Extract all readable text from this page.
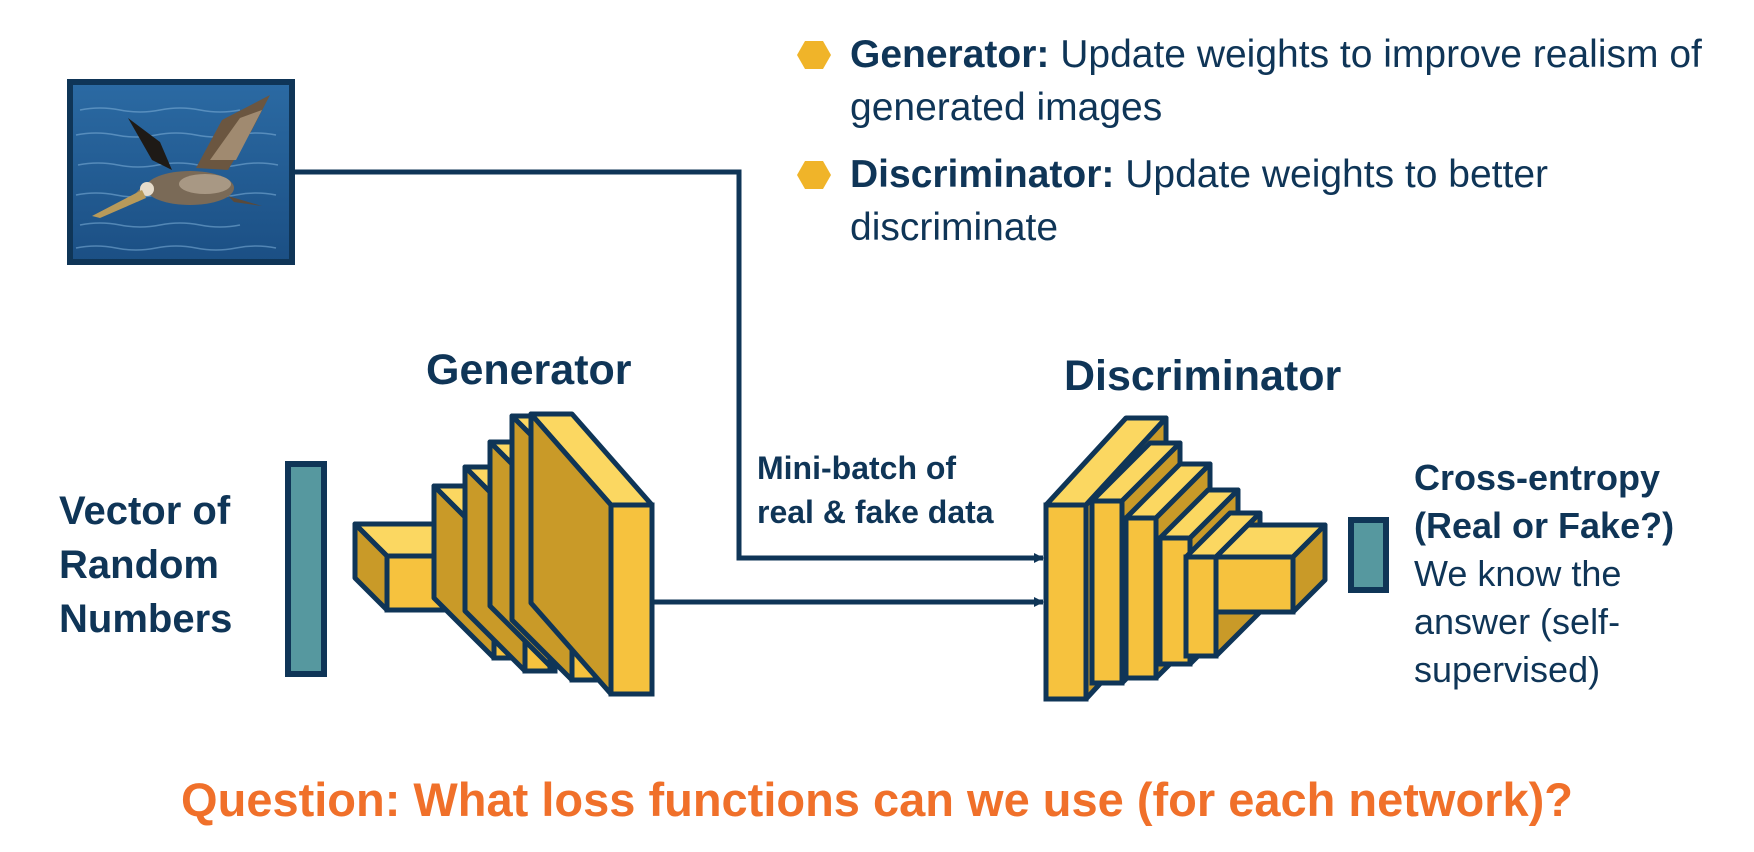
Generator: Update weights to improve realism of generated images
Discriminator: Update weights to better discriminate
Generator	Discriminator
Vector of
Random
Numbers
Mini-batch of
real & fake data
Cross-entropy
(Real or Fake?)
We know the
answer (self-
supervised)
Question: What loss functions can we use (for each network)?
